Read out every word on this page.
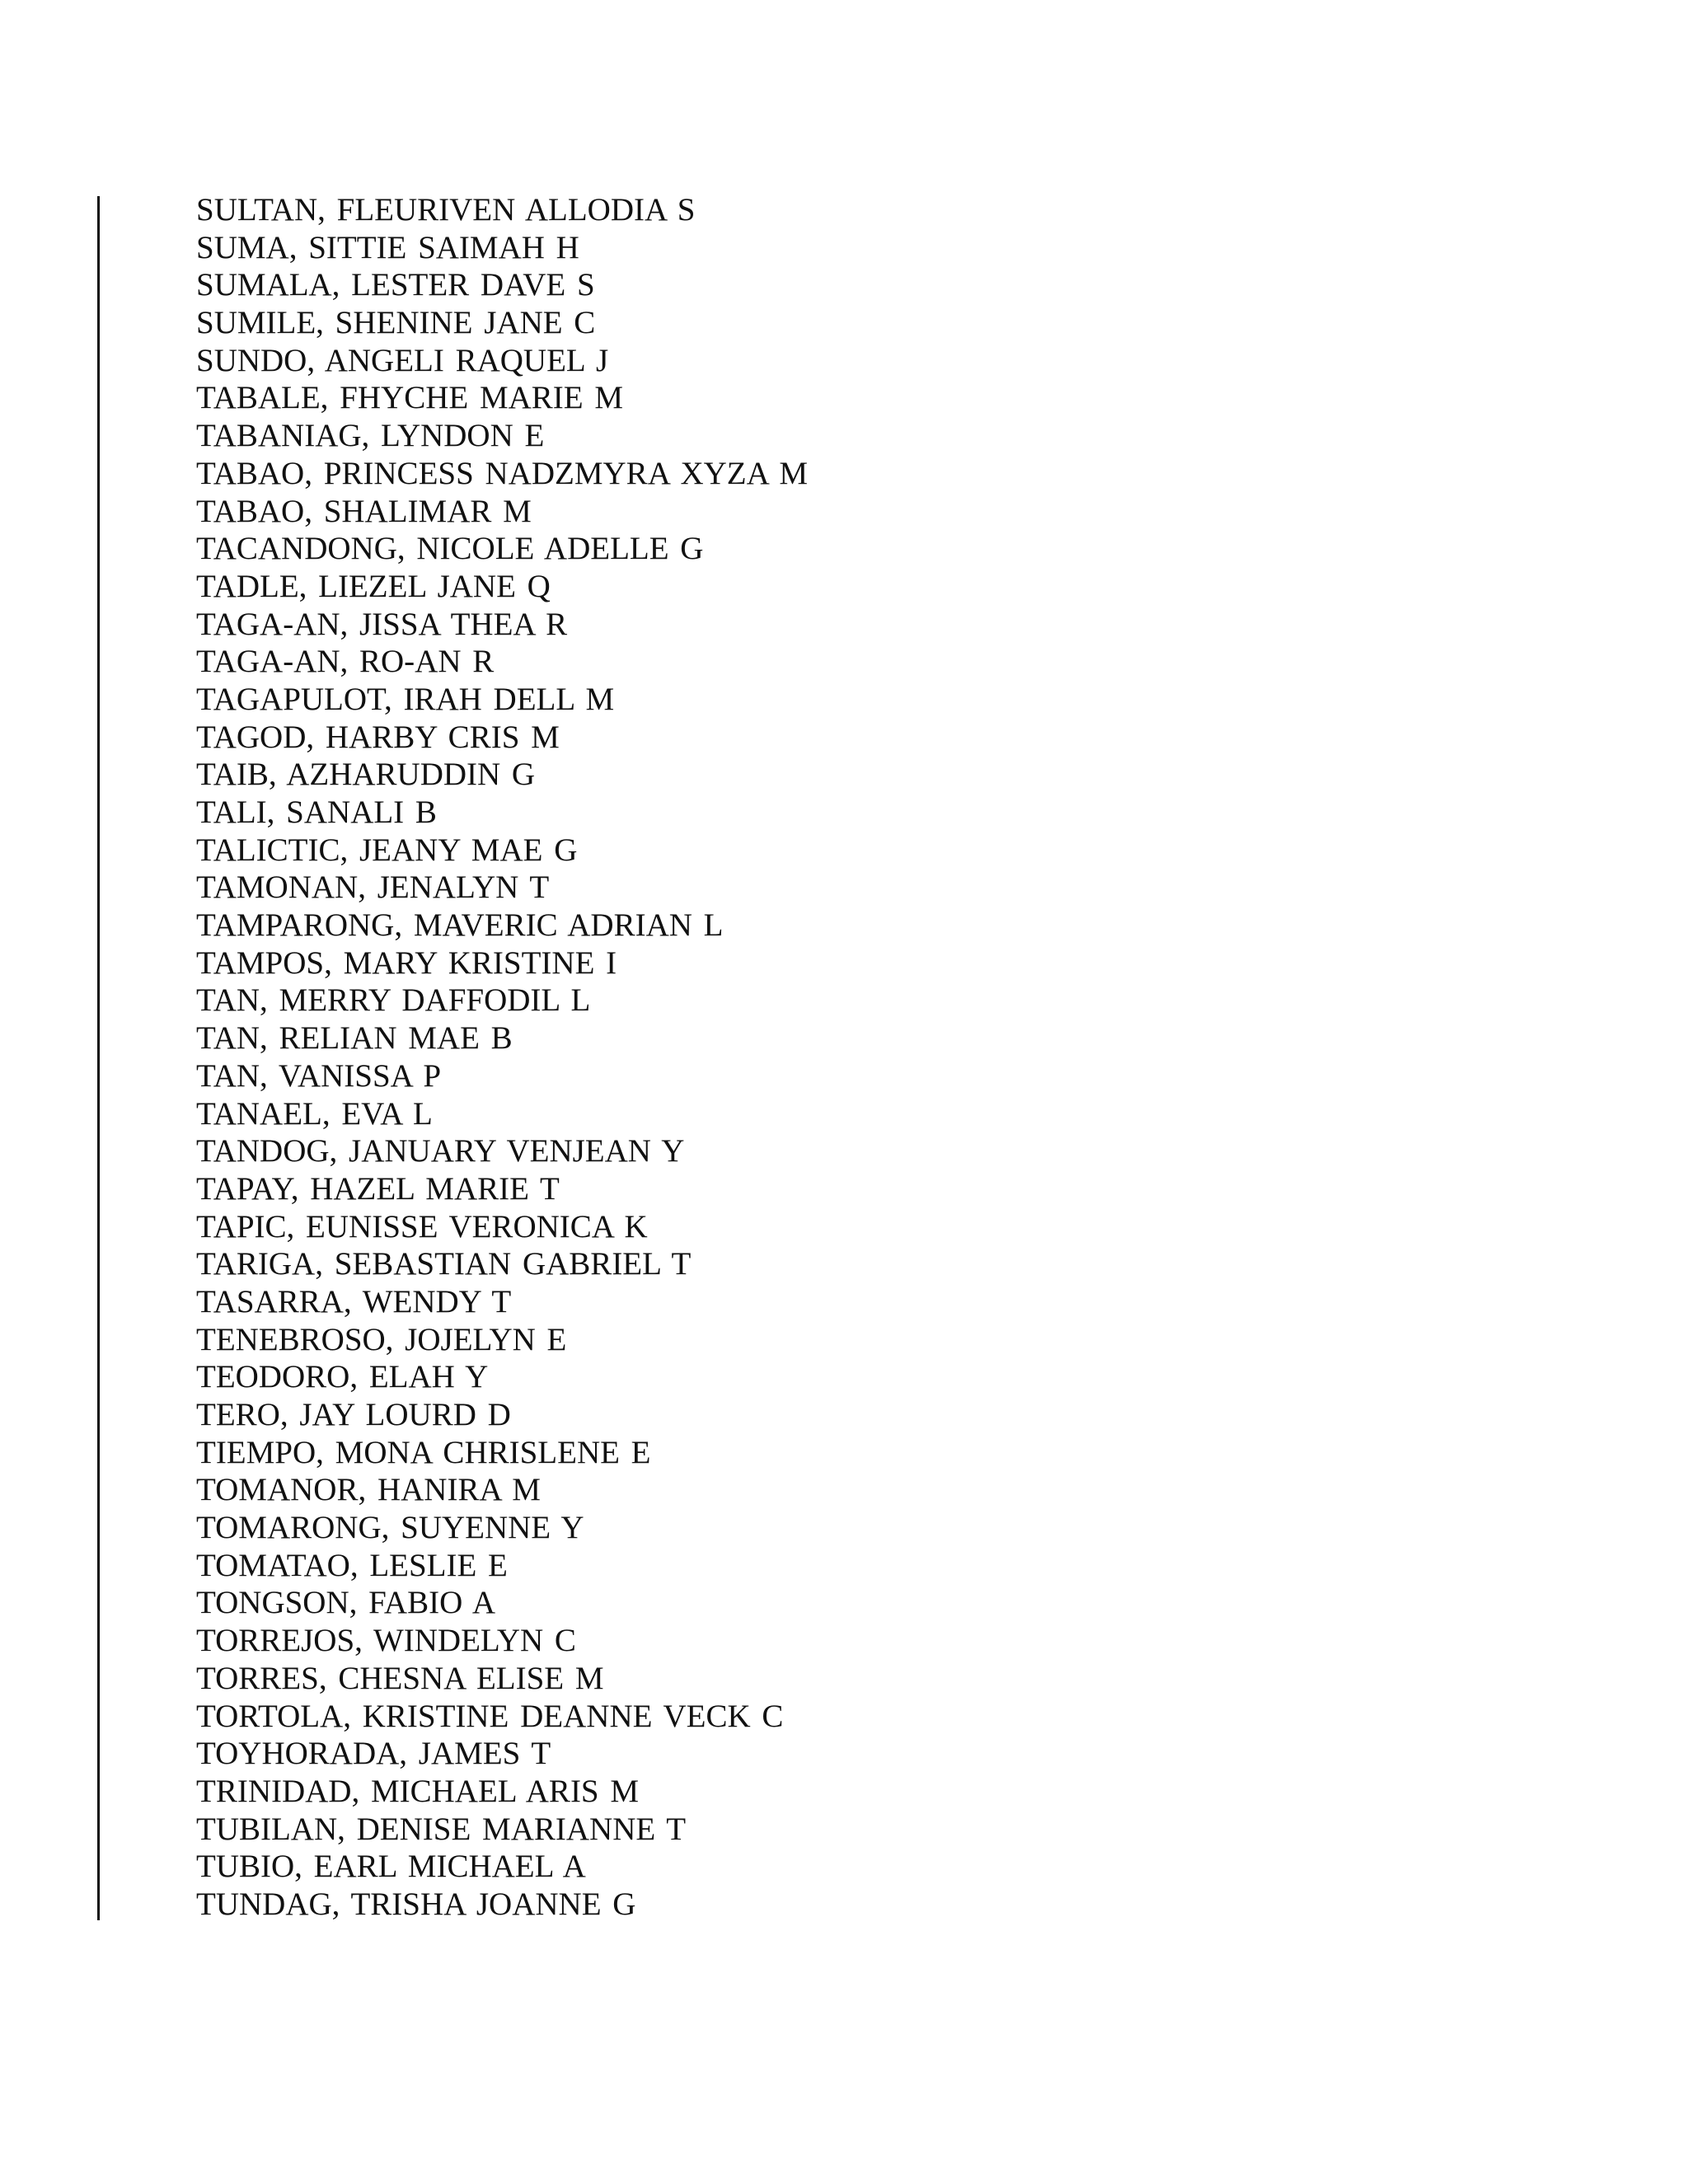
SULTAN, FLEURIVEN ALLODIA S
SUMA, SITTIE SAIMAH H
SUMALA, LESTER DAVE S
SUMILE, SHENINE JANE C
SUNDO, ANGELI RAQUEL J
TABALE, FHYCHE MARIE M
TABANIAG, LYNDON E
TABAO, PRINCESS NADZMYRA XYZA M
TABAO, SHALIMAR M
TACANDONG, NICOLE ADELLE G
TADLE, LIEZEL JANE Q
TAGA-AN, JISSA THEA R
TAGA-AN, RO-AN R
TAGAPULOT, IRAH DELL M
TAGOD, HARBY CRIS M
TAIB, AZHARUDDIN G
TALI, SANALI B
TALICTIC, JEANY MAE G
TAMONAN, JENALYN T
TAMPARONG, MAVERIC ADRIAN L
TAMPOS, MARY KRISTINE I
TAN, MERRY DAFFODIL L
TAN, RELIAN MAE B
TAN, VANISSA P
TANAEL, EVA L
TANDOG, JANUARY VENJEAN Y
TAPAY, HAZEL MARIE T
TAPIC, EUNISSE VERONICA K
TARIGA, SEBASTIAN GABRIEL T
TASARRA, WENDY T
TENEBROSO, JOJELYN E
TEODORO, ELAH Y
TERO, JAY LOURD D
TIEMPO, MONA CHRISLENE E
TOMANOR, HANIRA M
TOMARONG, SUYENNE Y
TOMATAO, LESLIE E
TONGSON, FABIO A
TORREJOS, WINDELYN C
TORRES, CHESNA ELISE M
TORTOLA, KRISTINE DEANNE VECK C
TOYHORADA, JAMES T
TRINIDAD, MICHAEL ARIS M
TUBILAN, DENISE MARIANNE T
TUBIO, EARL MICHAEL A
TUNDAG, TRISHA JOANNE G
